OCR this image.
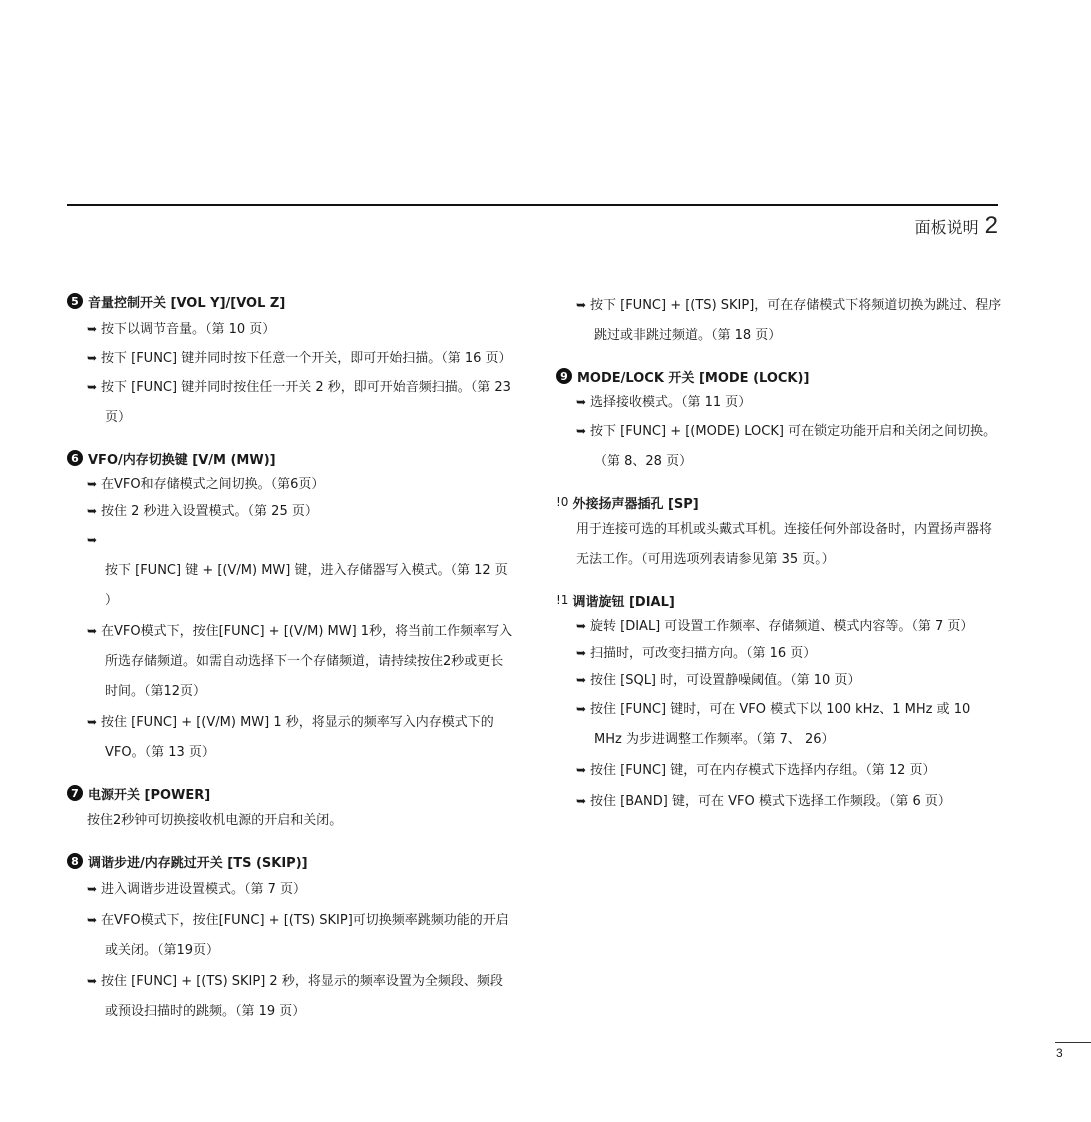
面板说明 2
5 音量控制开关 [VOL Y]/[VOL Z]
➥ 按下以调节音量。（第 10 页）
➥ 按下 [FUNC] 键并同时按下任意一个开关，即可开始扫描。（第 16 页）
➥ 按下 [FUNC] 键并同时按住任一开关 2 秒，即可开始音频扫描。（第 23 页）
6 VFO/内存切换键 [V/M (MW)]
➥ 在VFO和存储模式之间切换。（第6页）
➥ 按住 2 秒进入设置模式。（第 25 页）
➥按下 [FUNC] 键 + [(V/M) MW] 键，进入存储器写入模式。（第 12 页 ）
➥ 在VFO模式下，按住[FUNC] + [(V/M) MW] 1秒，将当前工作频率写入所选存储频道。如需自动选择下一个存储频道，请持续按住2秒或更长时间。（第12页）
➥ 按住 [FUNC] + [(V/M) MW] 1 秒，将显示的频率写入内存模式下的 VFO。（第 13 页）
7 电源开关 [POWER]
按住2秒钟可切换接收机电源的开启和关闭。
8 调谐步进/内存跳过开关 [TS (SKIP)]
➥ 进入调谐步进设置模式。（第 7 页）
➥ 在VFO模式下，按住[FUNC] + [(TS) SKIP]可切换频率跳频功能的开启或关闭。（第19页）
➥ 按住 [FUNC] + [(TS) SKIP] 2 秒，将显示的频率设置为全频段、频段或预设扫描时的跳频。（第 19 页）
➥ 按下 [FUNC] + [(TS) SKIP]，可在存储模式下将频道切换为跳过、程序跳过或非跳过频道。（第 18 页）
9 MODE/LOCK 开关 [MODE (LOCK)]
➥ 选择接收模式。（第 11 页）
➥ 按下 [FUNC] + [(MODE) LOCK] 可在锁定功能开启和关闭之间切换。（第 8、28 页）
!0 外接扬声器插孔 [SP]
用于连接可选的耳机或头戴式耳机。连接任何外部设备时，内置扬声器将无法工作。（可用选项列表请参见第 35 页。）
!1 调谐旋钮 [DIAL]
➥ 旋转 [DIAL] 可设置工作频率、存储频道、模式内容等。（第 7 页）
➥ 扫描时，可改变扫描方向。（第 16 页）
➥ 按住 [SQL] 时，可设置静噪阈值。（第 10 页）
➥ 按住 [FUNC] 键时，可在 VFO 模式下以 100 kHz、1 MHz 或 10 MHz 为步进调整工作频率。（第 7、 26）
➥ 按住 [FUNC] 键，可在内存模式下选择内存组。（第 12 页）
➥ 按住 [BAND] 键，可在 VFO 模式下选择工作频段。（第 6 页）
3
